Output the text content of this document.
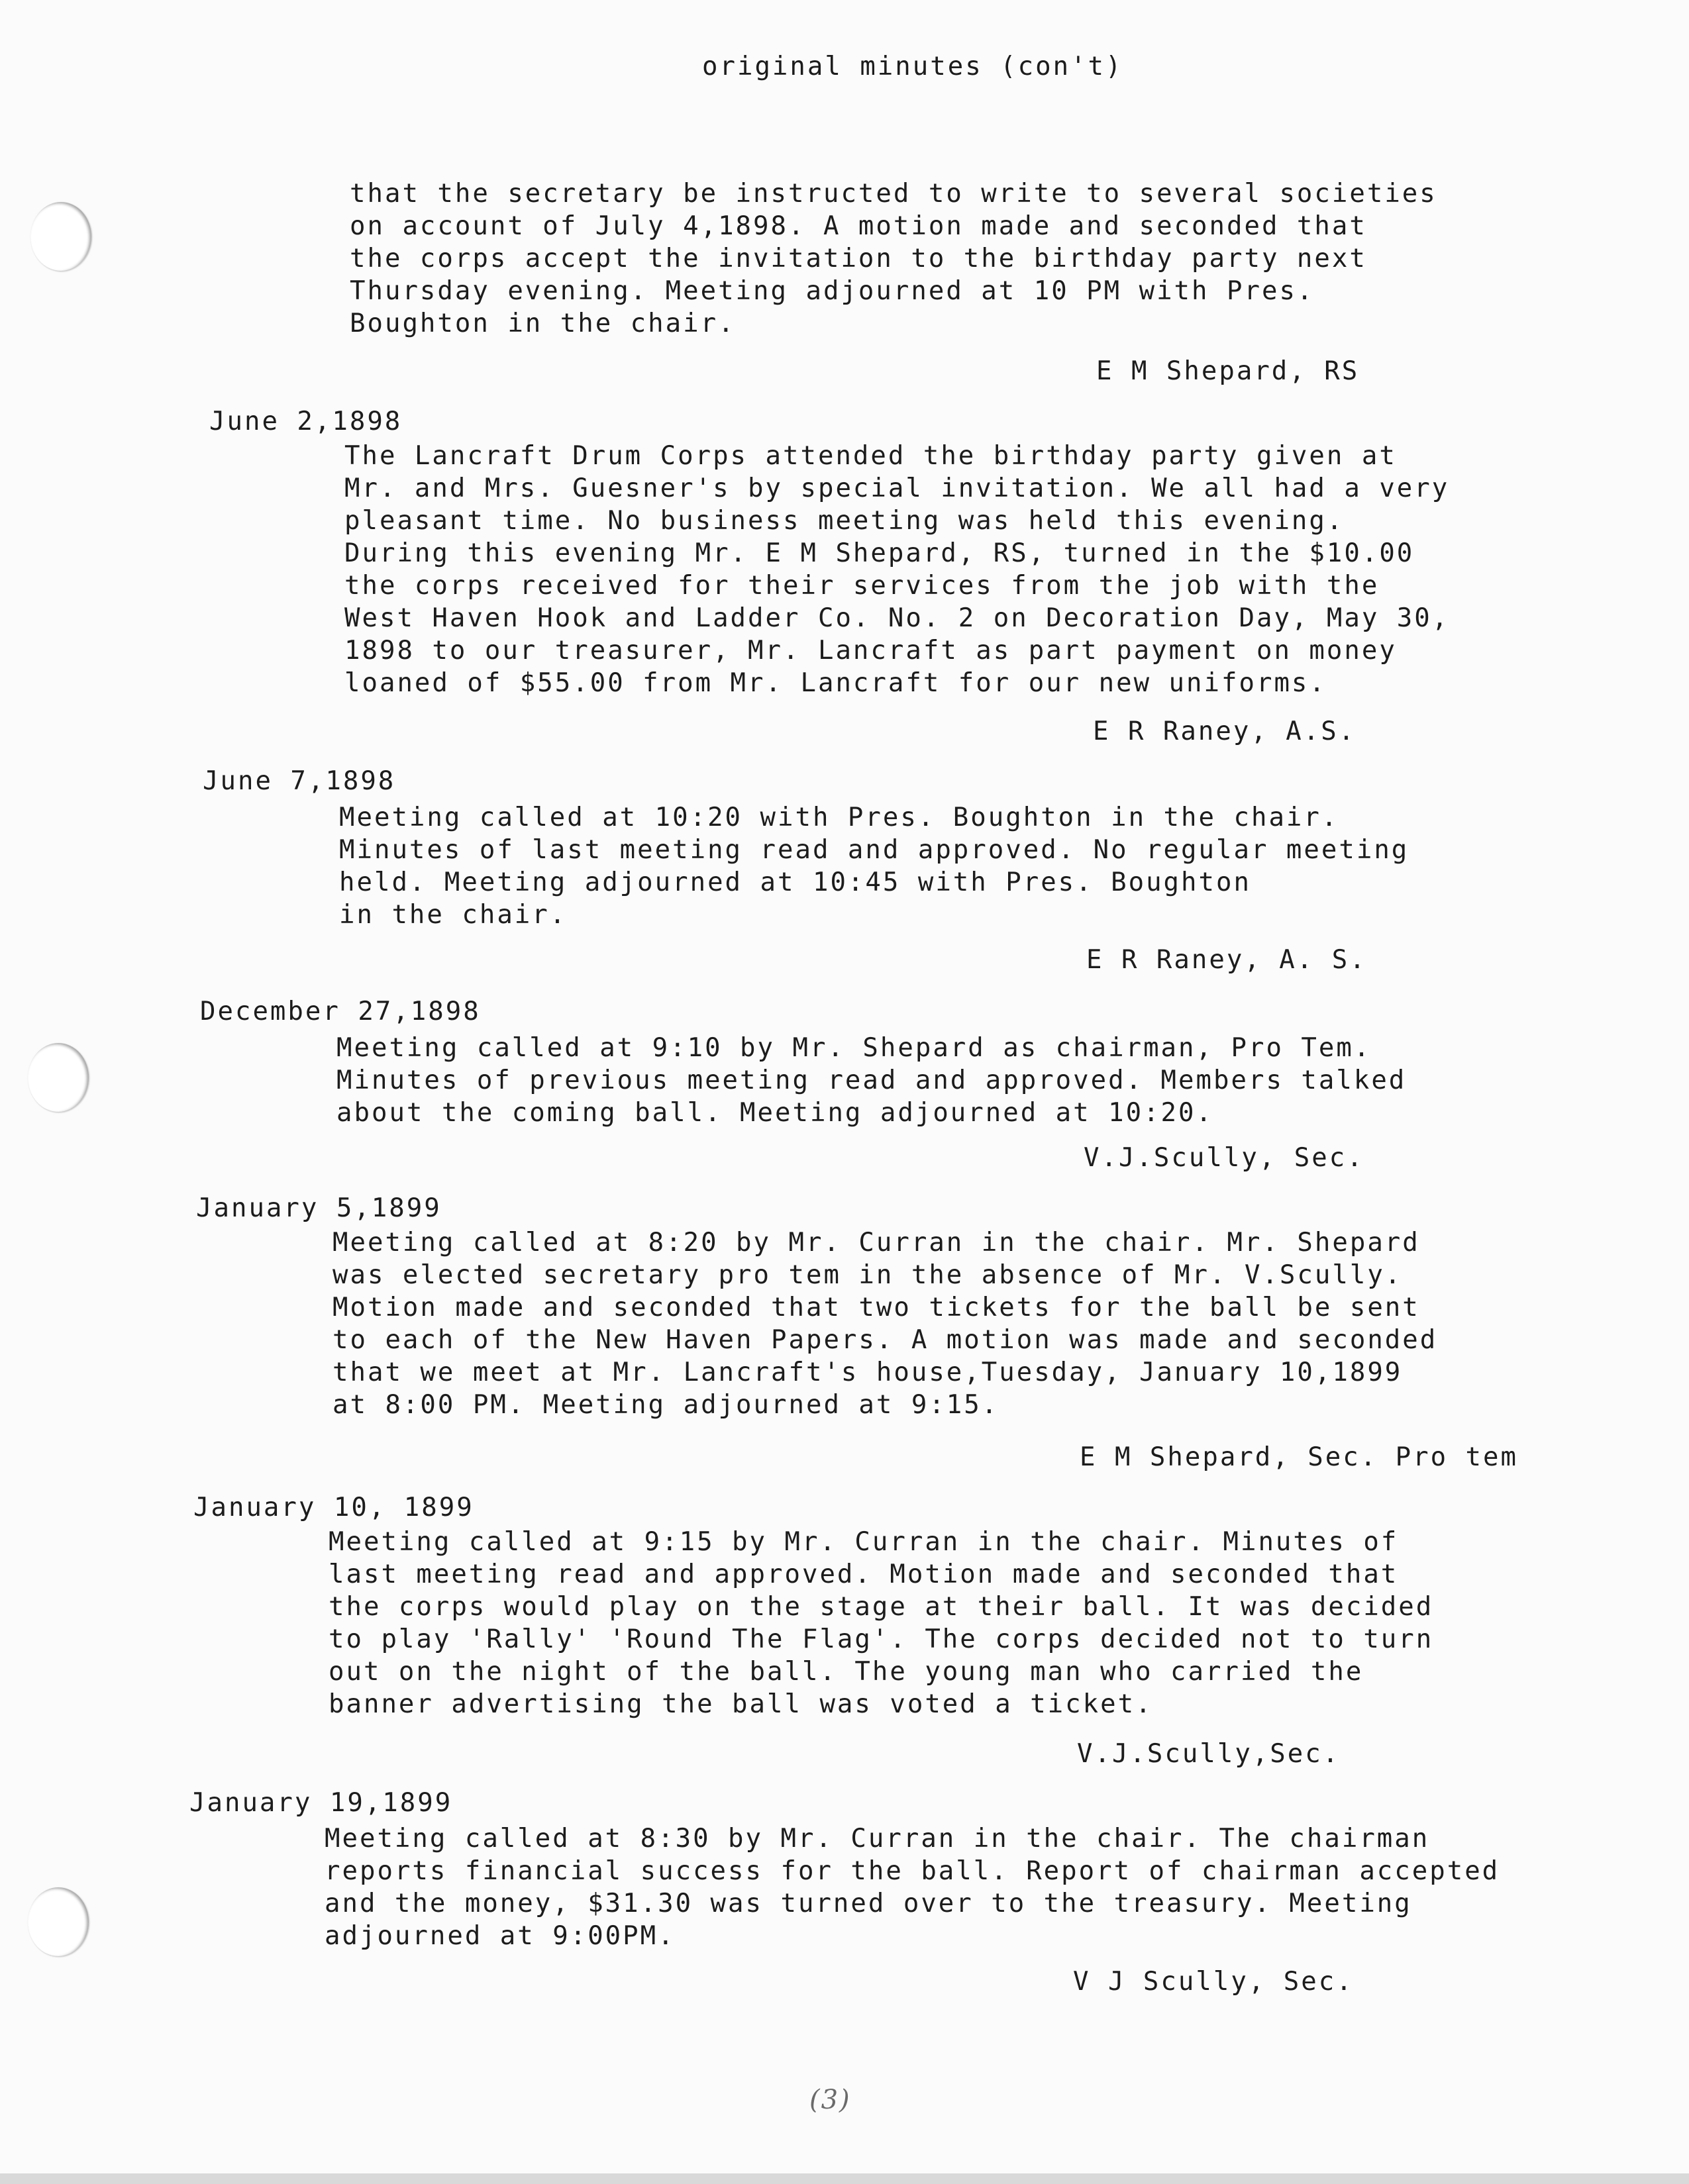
original minutes (con't)
that the secretary be instructed to write to several societies
on account of July 4,1898. A motion made and seconded that
the corps accept the invitation to the birthday party next
Thursday evening. Meeting adjourned at 10 PM with Pres.
Boughton in the chair.
E M Shepard, RS
June 2,1898
The Lancraft Drum Corps attended the birthday party given at
Mr. and Mrs. Guesner's by special invitation. We all had a very
pleasant time. No business meeting was held this evening.
During this evening Mr. E M Shepard, RS, turned in the $10.00
the corps received for their services from the job with the
West Haven Hook and Ladder Co. No. 2 on Decoration Day, May 30,
1898 to our treasurer, Mr. Lancraft as part payment on money
loaned of $55.00 from Mr. Lancraft for our new uniforms.
E R Raney, A.S.
June 7,1898
Meeting called at 10:20 with Pres. Boughton in the chair.
Minutes of last meeting read and approved. No regular meeting
held. Meeting adjourned at 10:45 with Pres. Boughton
in the chair.
E R Raney, A. S.
December 27,1898
Meeting called at 9:10 by Mr. Shepard as chairman, Pro Tem.
Minutes of previous meeting read and approved. Members talked
about the coming ball. Meeting adjourned at 10:20.
V.J.Scully, Sec.
January 5,1899
Meeting called at 8:20 by Mr. Curran in the chair. Mr. Shepard
was elected secretary pro tem in the absence of Mr. V.Scully.
Motion made and seconded that two tickets for the ball be sent
to each of the New Haven Papers. A motion was made and seconded
that we meet at Mr. Lancraft's house,Tuesday, January 10,1899
at 8:00 PM. Meeting adjourned at 9:15.
E M Shepard, Sec. Pro tem
January 10, 1899
Meeting called at 9:15 by Mr. Curran in the chair. Minutes of
last meeting read and approved. Motion made and seconded that
the corps would play on the stage at their ball. It was decided
to play 'Rally' 'Round The Flag'. The corps decided not to turn
out on the night of the ball. The young man who carried the
banner advertising the ball was voted a ticket.
V.J.Scully,Sec.
January 19,1899
Meeting called at 8:30 by Mr. Curran in the chair. The chairman
reports financial success for the ball. Report of chairman accepted
and the money, $31.30 was turned over to the treasury. Meeting
adjourned at 9:00PM.
V J Scully, Sec.
(3)
